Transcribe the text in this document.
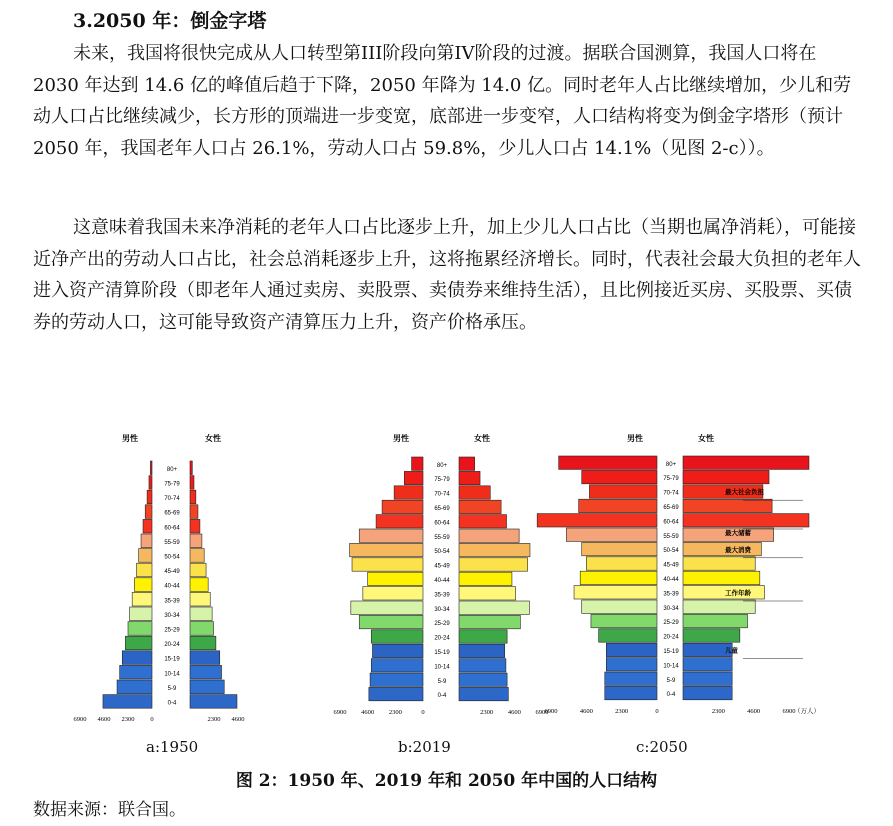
3.2050 年：倒金字塔

未来，我国将很快完成从人口转型第III阶段向第IV阶段的过渡。据联合国测算，我国人口将在 2030 年达到 14.6 亿的峰值后趋于下降，2050 年降为 14.0 亿。同时老年人占比继续增加，少儿和劳动人口占比继续减少，长方形的顶端进一步变宽，底部进一步变窄，人口结构将变为倒金字塔形（预计 2050 年，我国老年人口占 26.1%，劳动人口占 59.8%，少儿人口占 14.1%（见图 2-c））。

这意味着我国未来净消耗的老年人口占比逐步上升，加上少儿人口占比（当期也属净消耗），可能接近净产出的劳动人口占比，社会总消耗逐步上升，这将拖累经济增长。同时，代表社会最大负担的老年人进入资产清算阶段（即老年人通过卖房、卖股票、卖债券来维持生活），且比例接近买房、买股票、买债券的劳动人口，这可能导致资产清算压力上升，资产价格承压。

男性	女性
80+
75-79
70-74
65-69
60-64
55-59
50-54
45-49
40-44
35-39
30-34
25-29
20-24
15-19
10-14
5-9
0-4
6900 4600 2300 0	2300 4600
男性	女性
80+
75-79
70-74
65-69
60-64
55-59
50-54
45-49
40-44
35-39
30-34
25-29
20-24
15-19
10-14
5-9
0-4
6900 4600 2300	0	2300 4600 6900
男性	女性
80+
75-79
70-74
65-69
60-64
55-59
50-54
45-49
40-44
35-39
30-34
25-29
20-24
15-19
10-14
5-9
0-4
6900	4600	2300	0	2300	4600	6900
（万人）
最大社会负担
最大储蓄
最大消费
工作年龄
儿童
a:1950	b:2019	c:2050
图 2：1950 年、2019 年和 2050 年中国的人口结构
数据来源：联合国。
